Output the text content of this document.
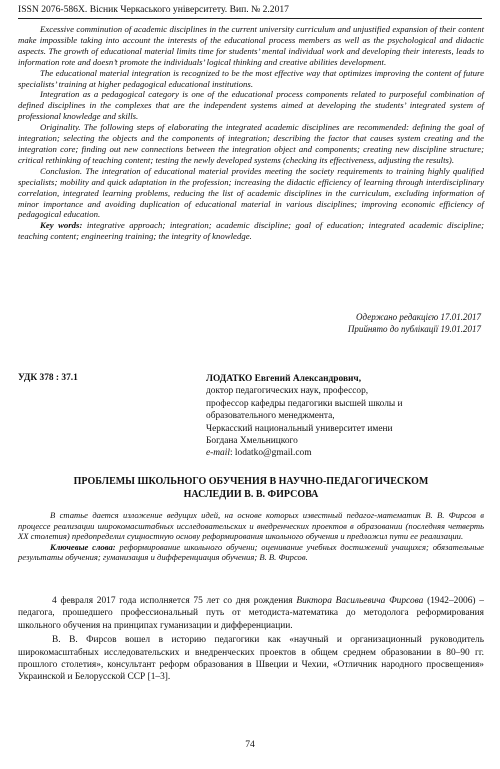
ISSN 2076-586X. Вісник Черкаського університету. Вип. № 2.2017

Excessive comminution of academic disciplines in the current university curriculum and unjustified expansion of their content make impossible taking into account the interests of the educational process members as well as the psychological and didactic aspects. The growth of educational material limits time for students’ mental individual work and developing their interests, leads to information rote and doesn’t promote the individuals’ logical thinking and creative abilities development.

The educational material integration is recognized to be the most effective way that optimizes improving the content of future specialists’ training at higher pedagogical educational institutions.

Integration as a pedagogical category is one of the educational process components related to purposeful combination of defined disciplines in the complexes that are the independent systems aimed at developing the students’ integrated system of professional knowledge and skills.

Originality. The following steps of elaborating the integrated academic disciplines are recommended: defining the goal of integration; selecting the objects and the components of integration; describing the factor that causes system creating and the integration core; finding out new connections between the integration object and components; creating new discipline structure; critical rethinking of teaching content; testing the newly developed systems (checking its effectiveness, adjusting the results).

Conclusion. The integration of educational material provides meeting the society requirements to training highly qualified specialists; mobility and quick adaptation in the profession; increasing the didactic efficiency of learning through interdisciplinary correlation, integrated learning problems, reducing the list of academic disciplines in the curriculum, excluding information of minor importance and avoiding duplication of educational material in various disciplines; improving economic efficiency of pedagogical education.

Key words: integrative approach; integration; academic discipline; goal of education; integrated academic discipline; teaching content; engineering training; the integrity of knowledge.

Одержано редакцією 17.01.2017
Прийнято до публікації 19.01.2017
УДК 378 : 37.1	ЛОДАТКО Евгений Александрович,
доктор педагогических наук, профессор,
профессор кафедры педагогики высшей школы и
образовательного менеджмента,
Черкасский национальный университет имени
Богдана Хмельницкого
e-mail: lodatko@gmail.com
ПРОБЛЕМЫ ШКОЛЬНОГО ОБУЧЕНИЯ В НАУЧНО-ПЕДАГОГИЧЕСКОМ
НАСЛЕДИИ В. В. ФИРСОВА

В статье дается изложение ведущих идей, на основе которых известный педагог-математик В. В. Фирсов в процессе реализации широкомасштабных исследовательских и внедренческих проектов в образовании (последняя четверть XX столетия) предопределил сущностную основу реформирования школьного обучения и предложил пути ее реализации.

Ключевые слова: реформирование школьного обучени; оценивание учебных достижений учащихся; обязательные результаты обучения; гуманизация и дифференциация обучения; В. В. Фирсов.

4 февраля 2017 года исполняется 75 лет со дня рождения Виктора Васильевича Фирсова (1942–2006) – педагога, прошедшего профессиональный путь от методиста-математика до методолога реформирования школьного обучения на принципах гуманизации и дифференциации.

В. В. Фирсов вошел в историю педагогики как «научный и организационный руководитель широкомасштабных исследовательских и внедренческих проектов в общем среднем образовании в 80–90 гг. прошлого столетия», консультант реформ образования в Швеции и Чехии, «Отличник народного просвещения» Украинской и Белорусской ССР [1–3].

74
